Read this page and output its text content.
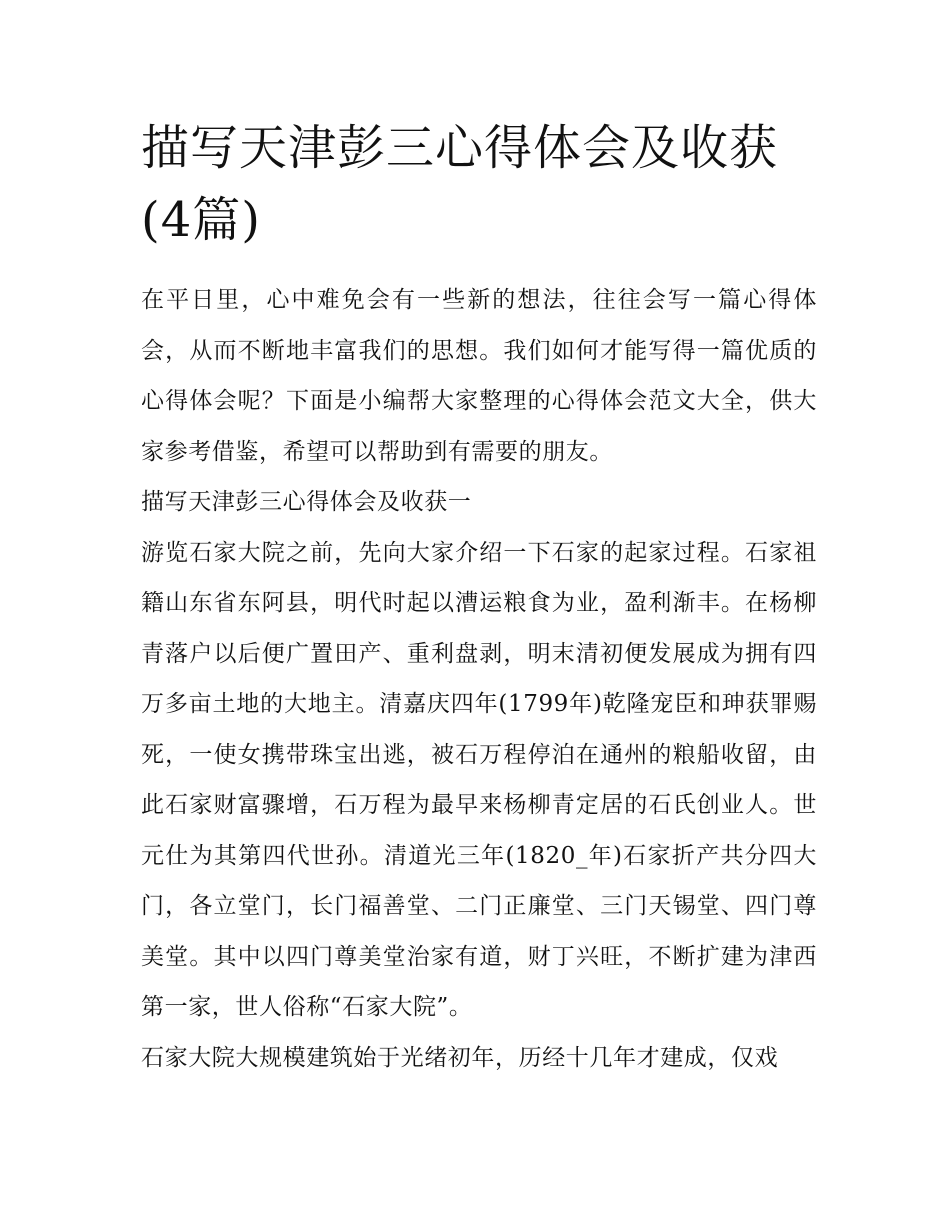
描写天津彭三心得体会及收获(4篇)

在平日里，心中难免会有一些新的想法，往往会写一篇心得体会，从而不断地丰富我们的思想。我们如何才能写得一篇优质的心得体会呢？下面是小编帮大家整理的心得体会范文大全，供大家参考借鉴，希望可以帮助到有需要的朋友。

描写天津彭三心得体会及收获一

游览石家大院之前，先向大家介绍一下石家的起家过程。石家祖籍山东省东阿县，明代时起以漕运粮食为业，盈利渐丰。在杨柳青落户以后便广置田产、重利盘剥，明末清初便发展成为拥有四万多亩土地的大地主。清嘉庆四年(1799年)乾隆宠臣和珅获罪赐死，一使女携带珠宝出逃，被石万程停泊在通州的粮船收留，由此石家财富骤增，石万程为最早来杨柳青定居的石氏创业人。世元仕为其第四代世孙。清道光三年(1820_年)石家折产共分四大门，各立堂门，长门福善堂、二门正廉堂、三门天锡堂、四门尊美堂。其中以四门尊美堂治家有道，财丁兴旺，不断扩建为津西第一家，世人俗称“石家大院”。

石家大院大规模建筑始于光绪初年，历经十几年才建成，仅戏
